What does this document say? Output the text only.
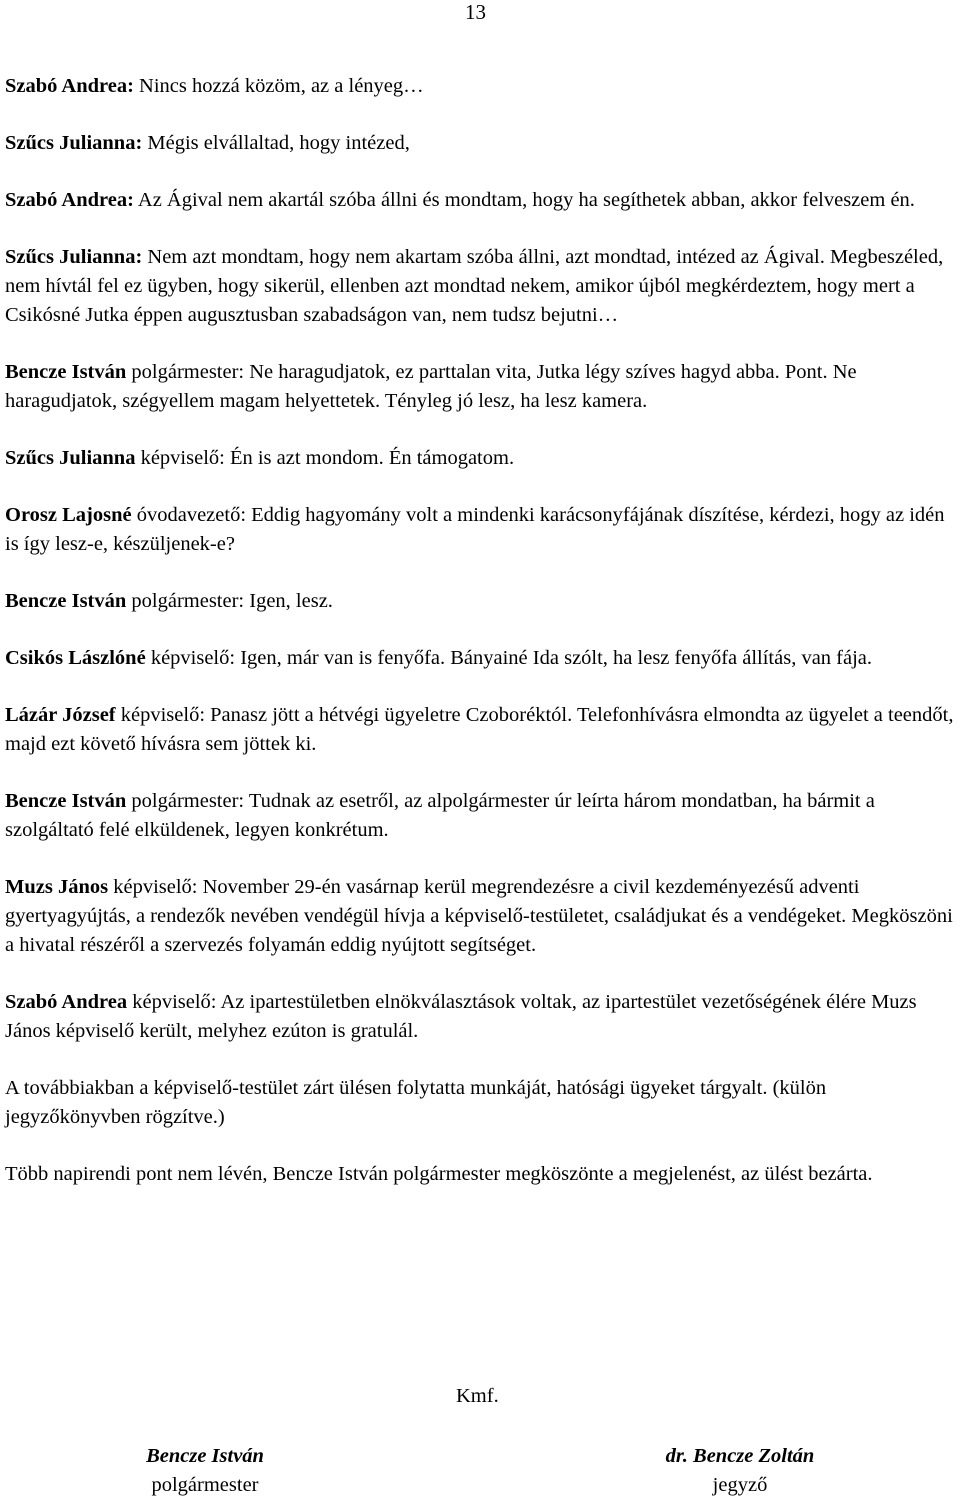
13

Szabó Andrea: Nincs hozzá közöm, az a lényeg…

Szűcs Julianna: Mégis elvállaltad, hogy intézed,

Szabó Andrea: Az Ágival nem akartál szóba állni és mondtam, hogy ha segíthetek abban, akkor felveszem én.

Szűcs Julianna: Nem azt mondtam, hogy nem akartam szóba állni, azt mondtad, intézed az Ágival. Megbeszéled, nem hívtál fel ez ügyben, hogy sikerül, ellenben azt mondtad nekem, amikor újból megkérdeztem, hogy mert a Csikósné Jutka éppen augusztusban szabadságon van, nem tudsz bejutni…

Bencze István polgármester: Ne haragudjatok, ez parttalan vita, Jutka légy szíves hagyd abba. Pont. Ne haragudjatok, szégyellem magam helyettetek. Tényleg jó lesz, ha lesz kamera.

Szűcs Julianna képviselő: Én is azt mondom. Én támogatom.

Orosz Lajosné óvodavezető: Eddig hagyomány volt a mindenki karácsonyfájának díszítése, kérdezi, hogy az idén is így lesz-e, készüljenek-e?

Bencze István polgármester: Igen, lesz.

Csikós Lászlóné képviselő: Igen, már van is fenyőfa. Bányainé Ida szólt, ha lesz fenyőfa állítás, van fája.

Lázár József képviselő: Panasz jött a hétvégi ügyeletre Czoboréktól. Telefonhívásra elmondta az ügyelet a teendőt, majd ezt követő hívásra sem jöttek ki.

Bencze István polgármester: Tudnak az esetről, az alpolgármester úr leírta három mondatban, ha bármit a szolgáltató felé elküldenek, legyen konkrétum.

Muzs János képviselő: November 29-én vasárnap kerül megrendezésre a civil kezdeményezésű adventi gyertyagyújtás, a rendezők nevében vendégül hívja a képviselő-testületet, családjukat és a vendégeket. Megköszöni a hivatal részéről a szervezés folyamán eddig nyújtott segítséget.

Szabó Andrea képviselő: Az ipartestületben elnökválasztások voltak, az ipartestület vezetőségének élére Muzs János képviselő került, melyhez ezúton is gratulál.

A továbbiakban a képviselő-testület zárt ülésen folytatta munkáját, hatósági ügyeket tárgyalt. (külön jegyzőkönyvben rögzítve.)

Több napirendi pont nem lévén, Bencze István polgármester megköszönte a megjelenést, az ülést bezárta.

Kmf.
Bencze István
polgármester
dr. Bencze Zoltán
jegyző
